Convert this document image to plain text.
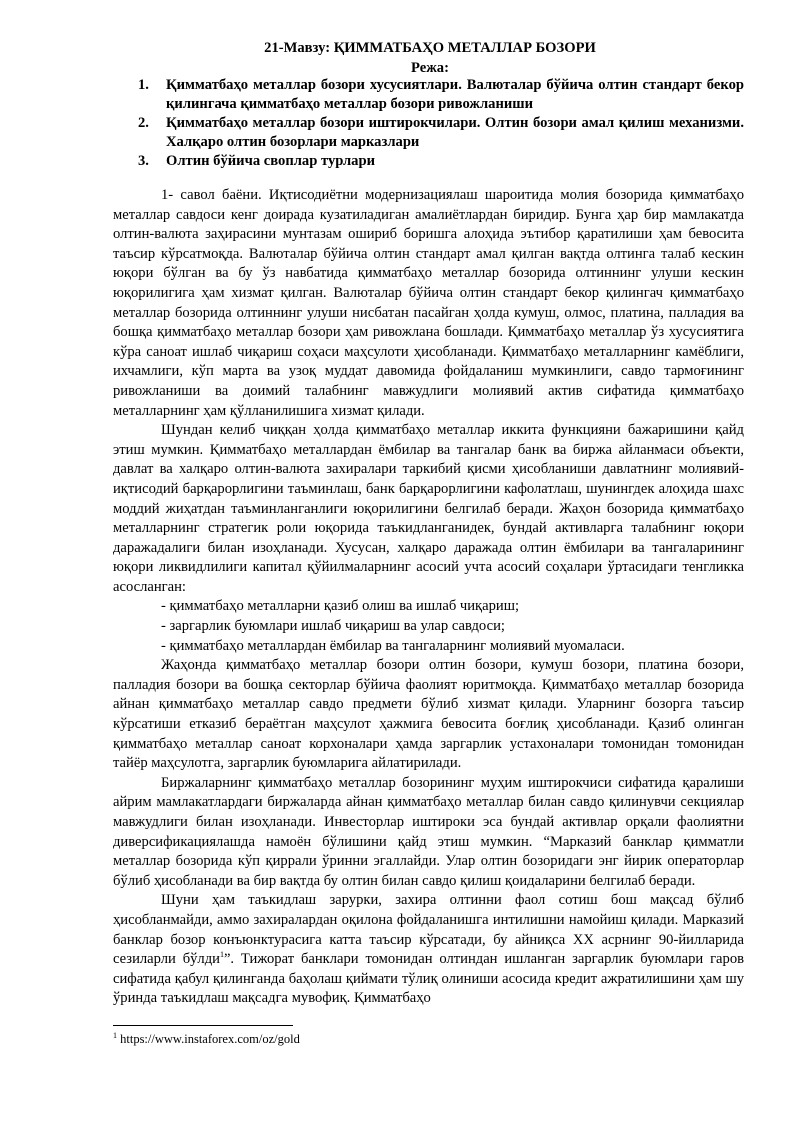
21-Мавзу: ҚИММАТБАҲО МЕТАЛЛАР БОЗОРИ
Режа:
1. Қимматбаҳо металлар бозори хусусиятлари. Валюталар бўйича олтин стандарт бекор қилингача қимматбаҳо металлар бозори ривожланиши
2. Қимматбаҳо металлар бозори иштирокчилари. Олтин бозори амал қилиш механизми. Халқаро олтин бозорлари марказлари
3. Олтин бўйича своплар турлари

1- савол баёни. Иқтисодиётни модернизациялаш шароитида молия бозорида қимматбаҳо металлар савдоси кенг доирада кузатиладиган амалиётлардан биридир. Бунга ҳар бир мамлакатда олтин-валюта заҳирасини мунтазам ошириб боришга алоҳида эътибор қаратилиши ҳам бевосита таъсир кўрсатмоқда. Валюталар бўйича олтин стандарт амал қилган вақтда олтинга талаб кескин юқори бўлган ва бу ўз навбатида қимматбаҳо металлар бозорида олтиннинг улуши кескин юқорилигига ҳам хизмат қилган. Валюталар бўйича олтин стандарт бекор қилингач қимматбаҳо металлар бозорида олтиннинг улуши нисбатан пасайган ҳолда кумуш, олмос, платина, палладия ва бошқа қимматбаҳо металлар бозори ҳам ривожлана бошлади. Қимматбаҳо металлар ўз хусусиятига кўра саноат ишлаб чиқариш соҳаси маҳсулоти ҳисобланади. Қимматбаҳо металларнинг камёблиги, ихчамлиги, кўп марта ва узоқ муддат давомида фойдаланиш мумкинлиги, савдо тармоғининг ривожланиши ва доимий талабнинг мавжудлиги молиявий актив сифатида қимматбаҳо металларнинг ҳам қўлланилишига хизмат қилади.

Шундан келиб чиққан ҳолда қимматбаҳо металлар иккита функцияни бажаришини қайд этиш мумкин. Қимматбаҳо металлардан ёмбилар ва тангалар банк ва биржа айланмаси объекти, давлат ва халқаро олтин-валюта захиралари таркибий қисми ҳисобланиши давлатнинг молиявий-иқтисодий барқарорлигини таъминлаш, банк барқарорлигини кафолатлаш, шунингдек алоҳида шахс моддий жиҳатдан таъминланганлиги юқорилигини белгилаб беради. Жаҳон бозорида қимматбаҳо металларнинг стратегик роли юқорида таъкидланганидек, бундай активларга талабнинг юқори даражадалиги билан изоҳланади. Хусусан, халқаро даражада олтин ёмбилари ва тангаларининг юқори ликвидлилиги капитал қўйилмаларнинг асосий учта асосий соҳалари ўртасидаги тенгликка асосланган:

- қимматбаҳо металларни қазиб олиш ва ишлаб чиқариш;

- заргарлик буюмлари ишлаб чиқариш ва улар савдоси;

- қимматбаҳо металлардан ёмбилар ва тангаларнинг молиявий муомаласи.

Жаҳонда қимматбаҳо металлар бозори олтин бозори, кумуш бозори, платина бозори, палладия бозори ва бошқа секторлар бўйича фаолият юритмоқда. Қимматбаҳо металлар бозорида айнан қимматбаҳо металлар савдо предмети бўлиб хизмат қилади. Уларнинг бозорга таъсир кўрсатиши етказиб бераётган маҳсулот ҳажмига бевосита боғлиқ ҳисобланади. Қазиб олинган қимматбаҳо металлар саноат корхоналари ҳамда заргарлик устахоналари томонидан томонидан тайёр маҳсулотга, заргарлик буюмларига айлатирилади.

Биржаларнинг қимматбаҳо металлар бозорининг муҳим иштирокчиси сифатида қаралиши айрим мамлакатлардаги биржаларда айнан қимматбаҳо металлар билан савдо қилинувчи секциялар мавжудлиги билан изоҳланади. Инвесторлар иштироки эса бундай активлар орқали фаолиятни диверсификациялашда намоён бўлишини қайд этиш мумкин. “Марказий банклар қимматли металлар бозорида кўп қиррали ўринни эгаллайди. Улар олтин бозоридаги энг йирик операторлар бўлиб ҳисобланади ва бир вақтда бу олтин билан савдо қилиш қоидаларини белгилаб беради.

Шуни ҳам таъкидлаш зарурки, захира олтинни фаол сотиш бош мақсад бўлиб ҳисобланмайди, аммо захиралардан оқилона фойдаланишга интилишни намойиш қилади. Марказий банклар бозор конъюнктурасига катта таъсир кўрсатади, бу айниқса XX асрнинг 90-йилларида сезиларли бўлди$^1$”. Тижорат банклари томонидан олтиндан ишланган заргарлик буюмлари гаров сифатида қабул қилинганда баҳолаш қиймати тўлиқ олиниши асосида кредит ажратилишини ҳам шу ўринда таъкидлаш мақсадга мувофиқ. Қимматбаҳо

$^1$ https://www.instaforex.com/oz/gold
